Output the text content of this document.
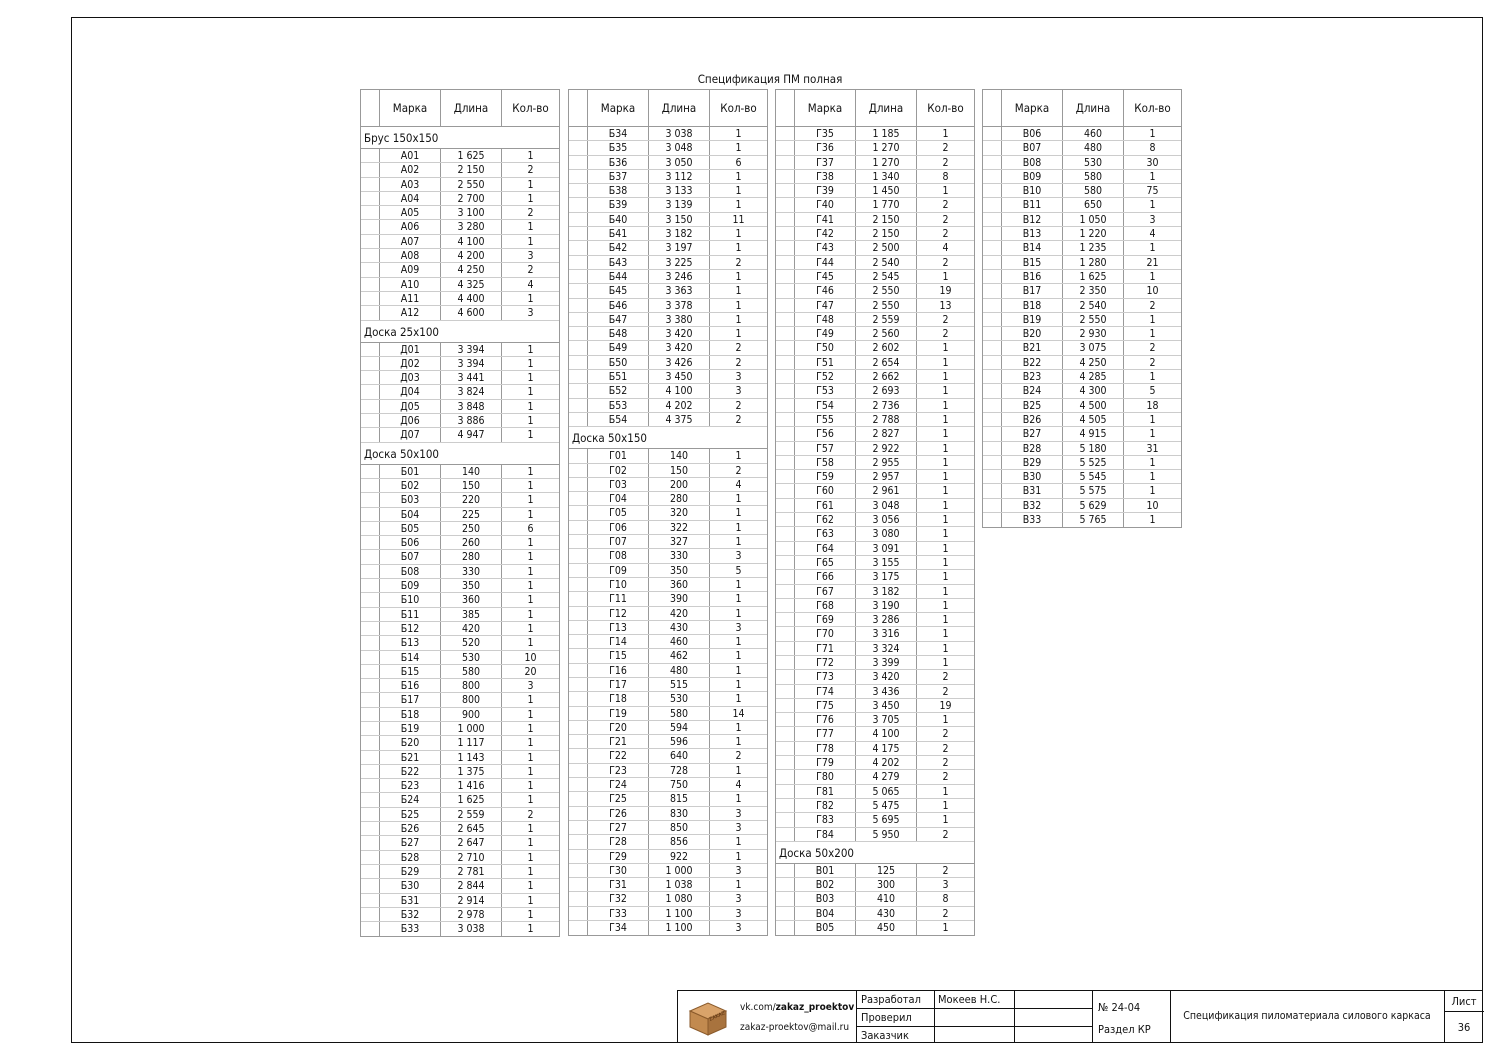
Спецификация ПМ полная
Марка	Длина	Кол-во
Брус 150х150
А01	1 625	1
А02	2 150	2
А03	2 550	1
А04	2 700	1
А05	3 100	2
А06	3 280	1
А07	4 100	1
А08	4 200	3
А09	4 250	2
А10	4 325	4
А11	4 400	1
А12	4 600	3
Доска 25х100
Д01	3 394	1
Д02	3 394	1
Д03	3 441	1
Д04	3 824	1
Д05	3 848	1
Д06	3 886	1
Д07	4 947	1
Доска 50х100
Б01	140	1
Б02	150	1
Б03	220	1
Б04	225	1
Б05	250	6
Б06	260	1
Б07	280	1
Б08	330	1
Б09	350	1
Б10	360	1
Б11	385	1
Б12	420	1
Б13	520	1
Б14	530	10
Б15	580	20
Б16	800	3
Б17	800	1
Б18	900	1
Б19	1 000	1
Б20	1 117	1
Б21	1 143	1
Б22	1 375	1
Б23	1 416	1
Б24	1 625	1
Б25	2 559	2
Б26	2 645	1
Б27	2 647	1
Б28	2 710	1
Б29	2 781	1
Б30	2 844	1
Б31	2 914	1
Б32	2 978	1
Б33	3 038	1
Марка	Длина	Кол-во
Б34	3 038	1
Б35	3 048	1
Б36	3 050	6
Б37	3 112	1
Б38	3 133	1
Б39	3 139	1
Б40	3 150	11
Б41	3 182	1
Б42	3 197	1
Б43	3 225	2
Б44	3 246	1
Б45	3 363	1
Б46	3 378	1
Б47	3 380	1
Б48	3 420	1
Б49	3 420	2
Б50	3 426	2
Б51	3 450	3
Б52	4 100	3
Б53	4 202	2
Б54	4 375	2
Доска 50х150
Г01	140	1
Г02	150	2
Г03	200	4
Г04	280	1
Г05	320	1
Г06	322	1
Г07	327	1
Г08	330	3
Г09	350	5
Г10	360	1
Г11	390	1
Г12	420	1
Г13	430	3
Г14	460	1
Г15	462	1
Г16	480	1
Г17	515	1
Г18	530	1
Г19	580	14
Г20	594	1
Г21	596	1
Г22	640	2
Г23	728	1
Г24	750	4
Г25	815	1
Г26	830	3
Г27	850	3
Г28	856	1
Г29	922	1
Г30	1 000	3
Г31	1 038	1
Г32	1 080	3
Г33	1 100	3
Г34	1 100	3
Марка	Длина	Кол-во
Г35	1 185	1
Г36	1 270	2
Г37	1 270	2
Г38	1 340	8
Г39	1 450	1
Г40	1 770	2
Г41	2 150	2
Г42	2 150	2
Г43	2 500	4
Г44	2 540	2
Г45	2 545	1
Г46	2 550	19
Г47	2 550	13
Г48	2 559	2
Г49	2 560	2
Г50	2 602	1
Г51	2 654	1
Г52	2 662	1
Г53	2 693	1
Г54	2 736	1
Г55	2 788	1
Г56	2 827	1
Г57	2 922	1
Г58	2 955	1
Г59	2 957	1
Г60	2 961	1
Г61	3 048	1
Г62	3 056	1
Г63	3 080	1
Г64	3 091	1
Г65	3 155	1
Г66	3 175	1
Г67	3 182	1
Г68	3 190	1
Г69	3 286	1
Г70	3 316	1
Г71	3 324	1
Г72	3 399	1
Г73	3 420	2
Г74	3 436	2
Г75	3 450	19
Г76	3 705	1
Г77	4 100	2
Г78	4 175	2
Г79	4 202	2
Г80	4 279	2
Г81	5 065	1
Г82	5 475	1
Г83	5 695	1
Г84	5 950	2
Доска 50х200
В01	125	2
В02	300	3
В03	410	8
В04	430	2
В05	450	1
Марка	Длина	Кол-во
В06	460	1
В07	480	8
В08	530	30
В09	580	1
В10	580	75
В11	650	1
В12	1 050	3
В13	1 220	4
В14	1 235	1
В15	1 280	21
В16	1 625	1
В17	2 350	10
В18	2 540	2
В19	2 550	1
В20	2 930	1
В21	3 075	2
В22	4 250	2
В23	4 285	1
В24	4 300	5
В25	4 500	18
В26	4 505	1
В27	4 915	1
В28	5 180	31
В29	5 525	1
В30	5 545	1
В31	5 575	1
В32	5 629	10
В33	5 765	1
ZAKAZ
vk.com/zakaz_proektov
zakaz-proektov@mail.ru
Разработал Мокеев Н.С.
Проверил
Заказчик
№ 24-04
Раздел КР
Спецификация пиломатериала силового каркаса
Лист
36
